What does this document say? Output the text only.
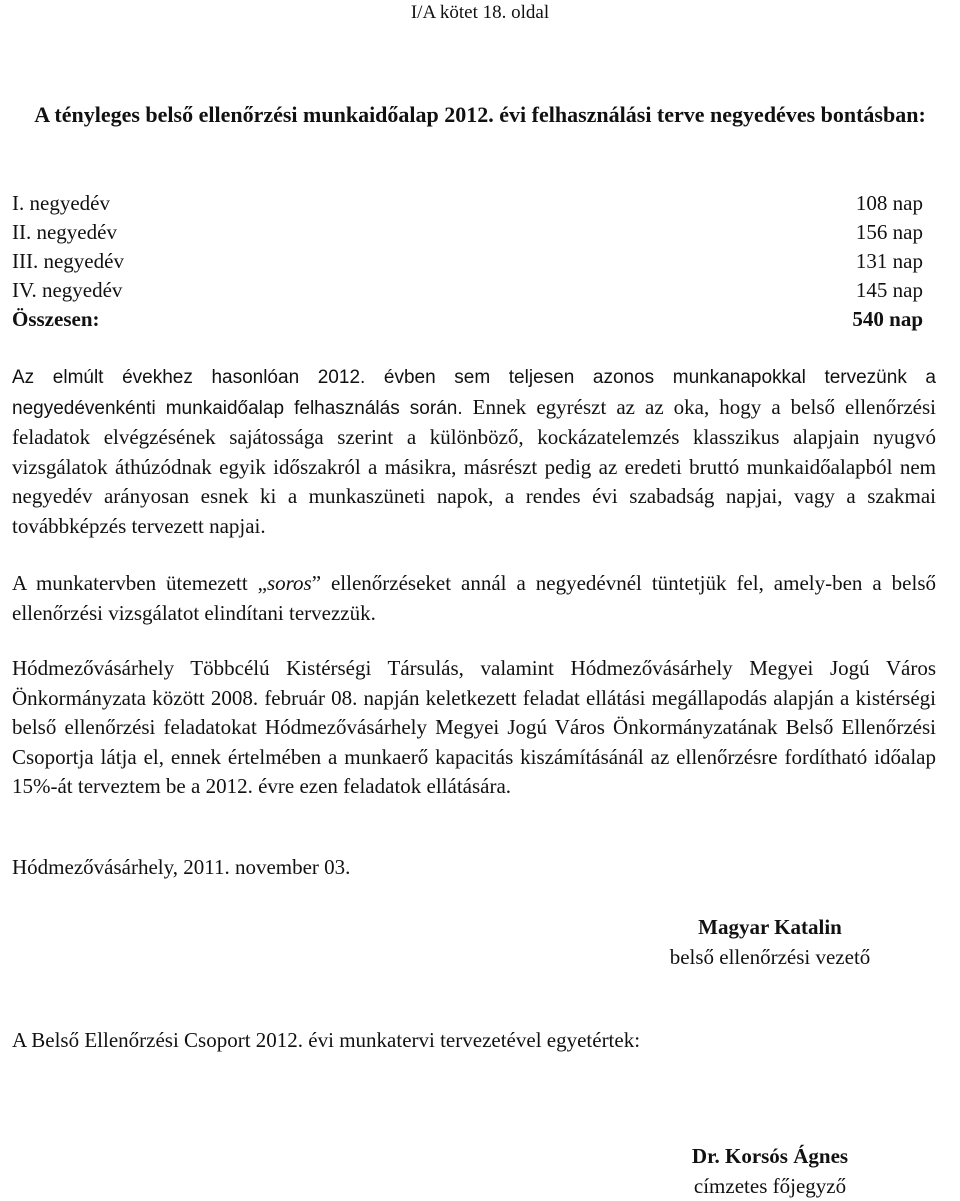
I/A kötet 18. oldal
A tényleges belső ellenőrzési munkaidőalap 2012. évi felhasználási terve negyedéves bontásban:
I. negyedév	108 nap
II. negyedév	156 nap
III. negyedév	131 nap
IV. negyedév	145 nap
Összesen:	540 nap

Az elmúlt évekhez hasonlóan 2012. évben sem teljesen azonos munkanapokkal tervezünk a negyedévenkénti munkaidőalap felhasználás során. Ennek egyrészt az az oka, hogy a belső ellenőrzési feladatok elvégzésének sajátossága szerint a különböző, kockázatelemzés klasszikus alapjain nyugvó vizsgálatok áthúzódnak egyik időszakról a másikra, másrészt pedig az eredeti bruttó munkaidőalapból nem negyedév arányosan esnek ki a munkaszüneti napok, a rendes évi szabadság napjai, vagy a szakmai továbbképzés tervezett napjai.

A munkatervben ütemezett „soros” ellenőrzéseket annál a negyedévnél tüntetjük fel, amely-ben a belső ellenőrzési vizsgálatot elindítani tervezzük.

Hódmezővásárhely Többcélú Kistérségi Társulás, valamint Hódmezővásárhely Megyei Jogú Város Önkormányzata között 2008. február 08. napján keletkezett feladat ellátási megállapodás alapján a kistérségi belső ellenőrzési feladatokat Hódmezővásárhely Megyei Jogú Város Önkormányzatának Belső Ellenőrzési Csoportja látja el, ennek értelmében a munkaerő kapacitás kiszámításánál az ellenőrzésre fordítható időalap 15%-át terveztem be a 2012. évre ezen feladatok ellátására.

Hódmezővásárhely, 2011. november 03.
Magyar Katalin
belső ellenőrzési vezető
A Belső Ellenőrzési Csoport 2012. évi munkatervi tervezetével egyetértek:
Dr. Korsós Ágnes
címzetes főjegyző
